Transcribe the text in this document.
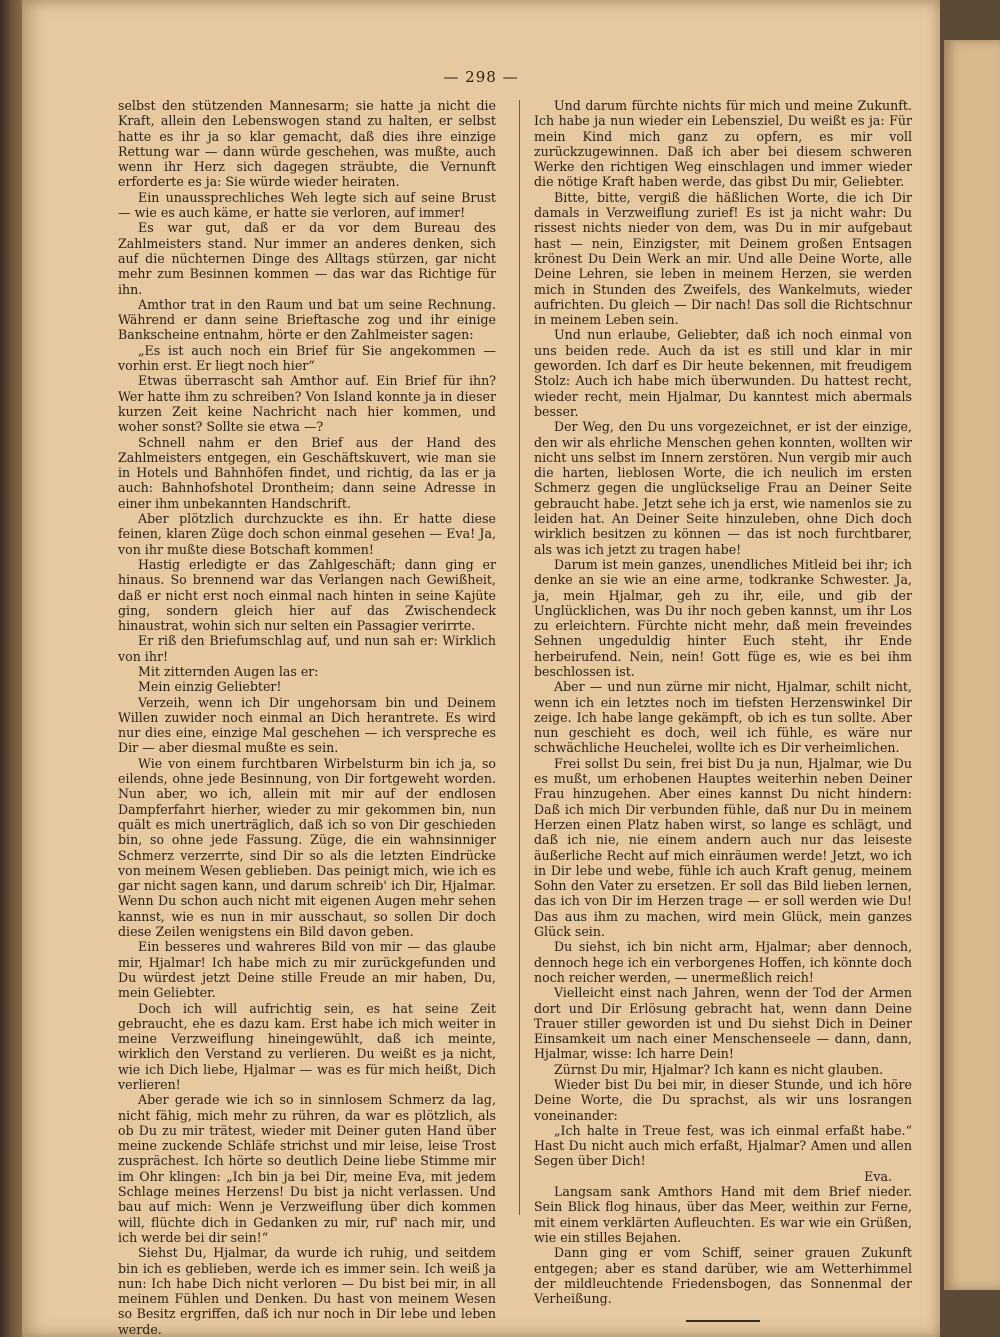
— 298 —

selbst den stützenden Mannesarm; sie hatte ja nicht die Kraft, allein den Lebenswogen stand zu halten, er selbst hatte es ihr ja so klar gemacht, daß dies ihre einzige Rettung war — dann würde geschehen, was mußte, auch wenn ihr Herz sich dagegen sträubte, die Vernunft erforderte es ja: Sie würde wieder heiraten.

Ein unaussprechliches Weh legte sich auf seine Brust — wie es auch käme, er hatte sie verloren, auf immer!

Es war gut, daß er da vor dem Bureau des Zahlmeisters stand. Nur immer an anderes denken, sich auf die nüchternen Dinge des Alltags stürzen, gar nicht mehr zum Besinnen kommen — das war das Richtige für ihn.

Amthor trat in den Raum und bat um seine Rechnung. Während er dann seine Brieftasche zog und ihr einige Bankscheine entnahm, hörte er den Zahlmeister sagen:

„Es ist auch noch ein Brief für Sie angekommen — vorhin erst. Er liegt noch hier“

Etwas überrascht sah Amthor auf. Ein Brief für ihn? Wer hatte ihm zu schreiben? Von Island konnte ja in dieser kurzen Zeit keine Nachricht nach hier kommen, und woher sonst? Sollte sie etwa —?

Schnell nahm er den Brief aus der Hand des Zahlmeisters entgegen, ein Geschäftskuvert, wie man sie in Hotels und Bahnhöfen findet, und richtig, da las er ja auch: Bahnhofshotel Drontheim; dann seine Adresse in einer ihm unbekannten Handschrift.

Aber plötzlich durchzuckte es ihn. Er hatte diese feinen, klaren Züge doch schon einmal gesehen — Eva! Ja, von ihr mußte diese Botschaft kommen!

Hastig erledigte er das Zahlgeschäft; dann ging er hinaus. So brennend war das Verlangen nach Gewißheit, daß er nicht erst noch einmal nach hinten in seine Kajüte ging, sondern gleich hier auf das Zwischendeck hinaustrat, wohin sich nur selten ein Passagier verirrte.

Er riß den Briefumschlag auf, und nun sah er: Wirklich von ihr!

Mit zitternden Augen las er:

Mein einzig Geliebter!

Verzeih, wenn ich Dir ungehorsam bin und Deinem Willen zuwider noch einmal an Dich herantrete. Es wird nur dies eine, einzige Mal geschehen — ich verspreche es Dir — aber diesmal mußte es sein.

Wie von einem furchtbaren Wirbelsturm bin ich ja, so eilends, ohne jede Besinnung, von Dir fortgeweht worden. Nun aber, wo ich, allein mit mir auf der endlosen Dampferfahrt hierher, wieder zu mir gekommen bin, nun quält es mich unerträglich, daß ich so von Dir geschieden bin, so ohne jede Fassung. Züge, die ein wahnsinniger Schmerz verzerrte, sind Dir so als die letzten Eindrücke von meinem Wesen geblieben. Das peinigt mich, wie ich es gar nicht sagen kann, und darum schreib' ich Dir, Hjalmar. Wenn Du schon auch nicht mit eigenen Augen mehr sehen kannst, wie es nun in mir ausschaut, so sollen Dir doch diese Zeilen wenigstens ein Bild davon geben.

Ein besseres und wahreres Bild von mir — das glaube mir, Hjalmar! Ich habe mich zu mir zurückgefunden und Du würdest jetzt Deine stille Freude an mir haben, Du, mein Geliebter.

Doch ich will aufrichtig sein, es hat seine Zeit gebraucht, ehe es dazu kam. Erst habe ich mich weiter in meine Verzweiflung hineingewühlt, daß ich meinte, wirklich den Verstand zu verlieren. Du weißt es ja nicht, wie ich Dich liebe, Hjalmar — was es für mich heißt, Dich verlieren!

Aber gerade wie ich so in sinnlosem Schmerz da lag, nicht fähig, mich mehr zu rühren, da war es plötzlich, als ob Du zu mir trätest, wieder mit Deiner guten Hand über meine zuckende Schläfe strichst und mir leise, leise Trost zusprächest. Ich hörte so deutlich Deine liebe Stimme mir im Ohr klingen: „Ich bin ja bei Dir, meine Eva, mit jedem Schlage meines Herzens! Du bist ja nicht verlassen. Und bau auf mich: Wenn je Verzweiflung über dich kommen will, flüchte dich in Gedanken zu mir, ruf' nach mir, und ich werde bei dir sein!“

Siehst Du, Hjalmar, da wurde ich ruhig, und seitdem bin ich es geblieben, werde ich es immer sein. Ich weiß ja nun: Ich habe Dich nicht verloren — Du bist bei mir, in all meinem Fühlen und Denken. Du hast von meinem Wesen so Besitz ergriffen, daß ich nur noch in Dir lebe und leben werde.

Und darum fürchte nichts für mich und meine Zukunft. Ich habe ja nun wieder ein Lebensziel, Du weißt es ja: Für mein Kind mich ganz zu opfern, es mir voll zurückzugewinnen. Daß ich aber bei diesem schweren Werke den richtigen Weg einschlagen und immer wieder die nötige Kraft haben werde, das gibst Du mir, Geliebter.

Bitte, bitte, vergiß die häßlichen Worte, die ich Dir damals in Verzweiflung zurief! Es ist ja nicht wahr: Du rissest nichts nieder von dem, was Du in mir aufgebaut hast — nein, Einzigster, mit Deinem großen Entsagen krönest Du Dein Werk an mir. Und alle Deine Worte, alle Deine Lehren, sie leben in meinem Herzen, sie werden mich in Stunden des Zweifels, des Wankelmuts, wieder aufrichten. Du gleich — Dir nach! Das soll die Richtschnur in meinem Leben sein.

Und nun erlaube, Geliebter, daß ich noch einmal von uns beiden rede. Auch da ist es still und klar in mir geworden. Ich darf es Dir heute bekennen, mit freudigem Stolz: Auch ich habe mich überwunden. Du hattest recht, wieder recht, mein Hjalmar, Du kanntest mich abermals besser.

Der Weg, den Du uns vorgezeichnet, er ist der einzige, den wir als ehrliche Menschen gehen konnten, wollten wir nicht uns selbst im Innern zerstören. Nun vergib mir auch die harten, lieblosen Worte, die ich neulich im ersten Schmerz gegen die unglückselige Frau an Deiner Seite gebraucht habe. Jetzt sehe ich ja erst, wie namenlos sie zu leiden hat. An Deiner Seite hinzuleben, ohne Dich doch wirklich besitzen zu können — das ist noch furchtbarer, als was ich jetzt zu tragen habe!

Darum ist mein ganzes, unendliches Mitleid bei ihr; ich denke an sie wie an eine arme, todkranke Schwester. Ja, ja, mein Hjalmar, geh zu ihr, eile, und gib der Unglücklichen, was Du ihr noch geben kannst, um ihr Los zu erleichtern. Fürchte nicht mehr, daß mein freveindes Sehnen ungeduldig hinter Euch steht, ihr Ende herbeirufend. Nein, nein! Gott füge es, wie es bei ihm beschlossen ist.

Aber — und nun zürne mir nicht, Hjalmar, schilt nicht, wenn ich ein letztes noch im tiefsten Herzenswinkel Dir zeige. Ich habe lange gekämpft, ob ich es tun sollte. Aber nun geschieht es doch, weil ich fühle, es wäre nur schwächliche Heuchelei, wollte ich es Dir verheimlichen.

Frei sollst Du sein, frei bist Du ja nun, Hjalmar, wie Du es mußt, um erhobenen Hauptes weiterhin neben Deiner Frau hinzugehen. Aber eines kannst Du nicht hindern: Daß ich mich Dir verbunden fühle, daß nur Du in meinem Herzen einen Platz haben wirst, so lange es schlägt, und daß ich nie, nie einem andern auch nur das leiseste äußerliche Recht auf mich einräumen werde! Jetzt, wo ich in Dir lebe und webe, fühle ich auch Kraft genug, meinem Sohn den Vater zu ersetzen. Er soll das Bild lieben lernen, das ich von Dir im Herzen trage — er soll werden wie Du! Das aus ihm zu machen, wird mein Glück, mein ganzes Glück sein.

Du siehst, ich bin nicht arm, Hjalmar; aber dennoch, dennoch hege ich ein verborgenes Hoffen, ich könnte doch noch reicher werden, — unermeßlich reich!

Vielleicht einst nach Jahren, wenn der Tod der Armen dort und Dir Erlösung gebracht hat, wenn dann Deine Trauer stiller geworden ist und Du siehst Dich in Deiner Einsamkeit um nach einer Menschenseele — dann, dann, Hjalmar, wisse: Ich harre Dein!

Zürnst Du mir, Hjalmar? Ich kann es nicht glauben.

Wieder bist Du bei mir, in dieser Stunde, und ich höre Deine Worte, die Du sprachst, als wir uns losrangen voneinander:

„Ich halte in Treue fest, was ich einmal erfaßt habe.“ Hast Du nicht auch mich erfaßt, Hjalmar? Amen und allen Segen über Dich!

Eva.

Langsam sank Amthors Hand mit dem Brief nieder. Sein Blick flog hinaus, über das Meer, weithin zur Ferne, mit einem verklärten Aufleuchten. Es war wie ein Grüßen, wie ein stilles Bejahen.

Dann ging er vom Schiff, seiner grauen Zukunft entgegen; aber es stand darüber, wie am Wetterhimmel der mildleuchtende Friedensbogen, das Sonnenmal der Verheißung.
